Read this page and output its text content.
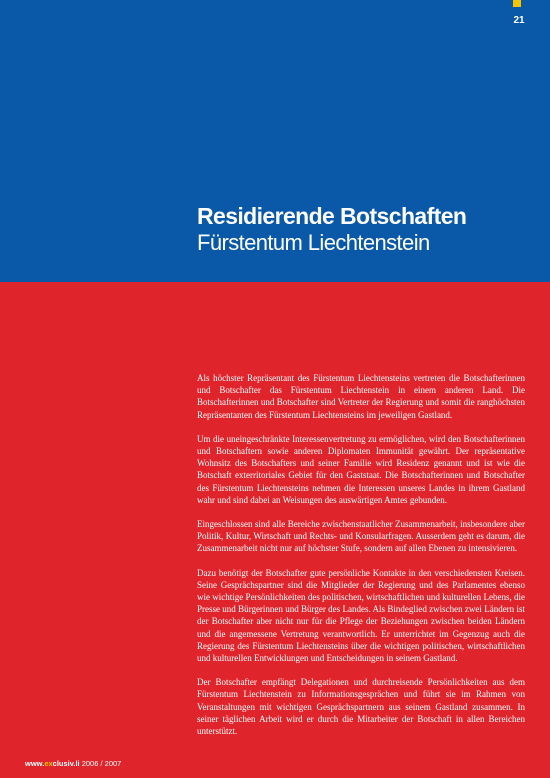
21
Residierende Botschaften
Fürstentum Liechtenstein

Als höchster Repräsentant des Fürstentum Liechtensteins vertreten die Botschafterinnen und Botschafter das Fürstentum Liechtenstein in einem anderen Land. Die Botschafterinnen und Botschafter sind Vertreter der Regierung und somit die ranghöchsten Repräsentanten des Fürstentum Liechtensteins im jeweiligen Gastland.

Um die uneingeschränkte Interessenvertretung zu ermöglichen, wird den Botschafterinnen und Botschaftern sowie anderen Diplomaten Immunität gewährt. Der repräsentative Wohnsitz des Botschafters und seiner Familie wird Residenz genannt und ist wie die Botschaft exterritoriales Gebiet für den Gaststaat. Die Botschafterinnen und Botschafter des Fürstentum Liechtensteins nehmen die Interessen unseres Landes in ihrem Gastland wahr und sind dabei an Weisungen des auswärtigen Amtes gebunden.

Eingeschlossen sind alle Bereiche zwischenstaatlicher Zusammenarbeit, insbesondere aber Politik, Kultur, Wirtschaft und Rechts- und Konsularfragen. Ausserdem geht es darum, die Zusammenarbeit nicht nur auf höchster Stufe, sondern auf allen Ebenen zu intensivieren.

Dazu benötigt der Botschafter gute persönliche Kontakte in den verschiedensten Kreisen. Seine Gesprächspartner sind die Mitglieder der Regierung und des Parlamentes ebenso wie wichtige Persönlichkeiten des politischen, wirtschaftlichen und kulturellen Lebens, die Presse und Bürgerinnen und Bürger des Landes. Als Bindeglied zwischen zwei Ländern ist der Botschafter aber nicht nur für die Pflege der Beziehungen zwischen beiden Ländern und die angemessene Vertretung verantwortlich. Er unterrichtet im Gegenzug auch die Regierung des Fürstentum Liechtensteins über die wichtigen politischen, wirtschaftlichen und kulturellen Entwicklungen und Entscheidungen in seinem Gastland.

Der Botschafter empfängt Delegationen und durchreisende Persönlichkeiten aus dem Fürstentum Liechtenstein zu Informationsgesprächen und führt sie im Rahmen von Veranstaltungen mit wichtigen Gesprächspartnern aus seinem Gastland zusammen. In seiner täglichen Arbeit wird er durch die Mitarbeiter der Botschaft in allen Bereichen unterstützt.

www.exclusiv.li 2006 / 2007
